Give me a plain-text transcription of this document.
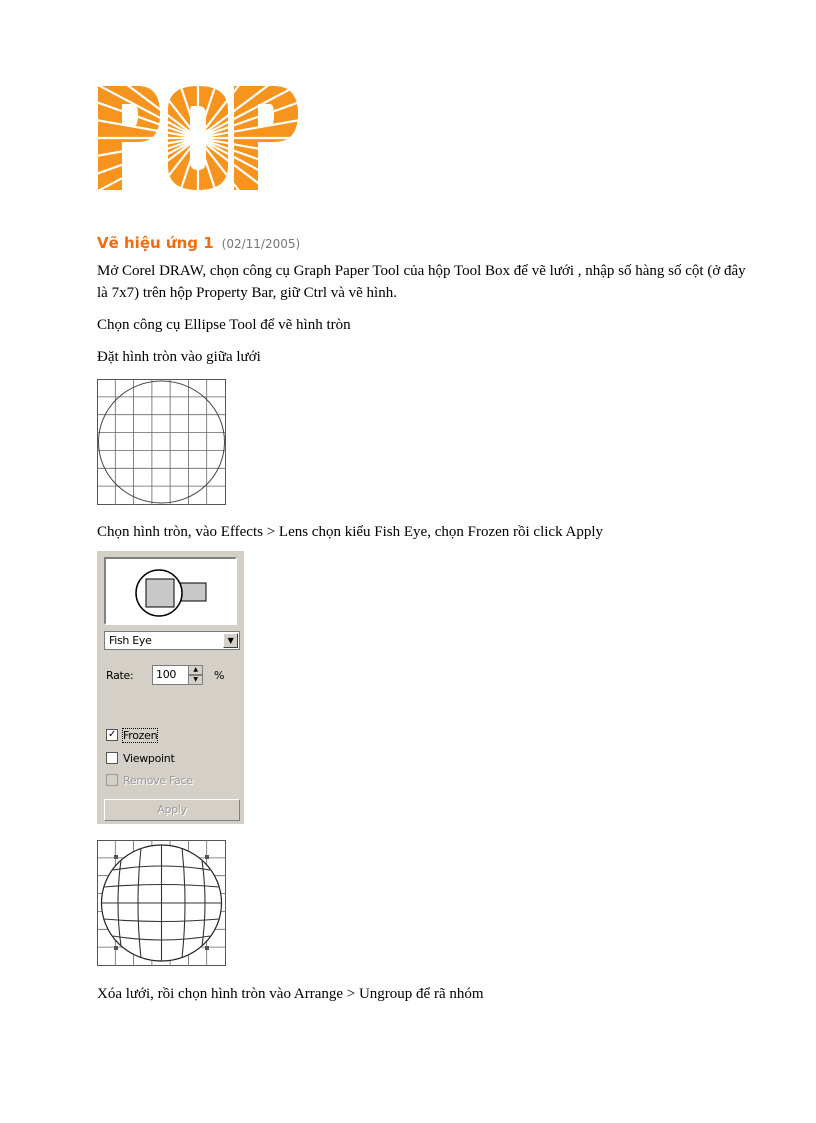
Vẽ hiệu ứng 1 (02/11/2005)
Mở Corel DRAW, chọn công cụ Graph Paper Tool của hộp Tool Box để vẽ lưới , nhập số hàng số cột (ở đây là 7x7) trên hộp Property Bar, giữ Ctrl và vẽ hình.
Chọn công cụ Ellipse Tool để vẽ hình tròn
Đặt hình tròn vào giữa lưới
Chọn hình tròn, vào Effects > Lens chọn kiểu Fish Eye, chọn Frozen rồi click Apply
Fish Eye	▼
Rate: 100	▲
▼	%
✓ Frozen
Viewpoint
Remove Face
Apply
Xóa lưới, rồi chọn hình tròn vào Arrange > Ungroup để rã nhóm
